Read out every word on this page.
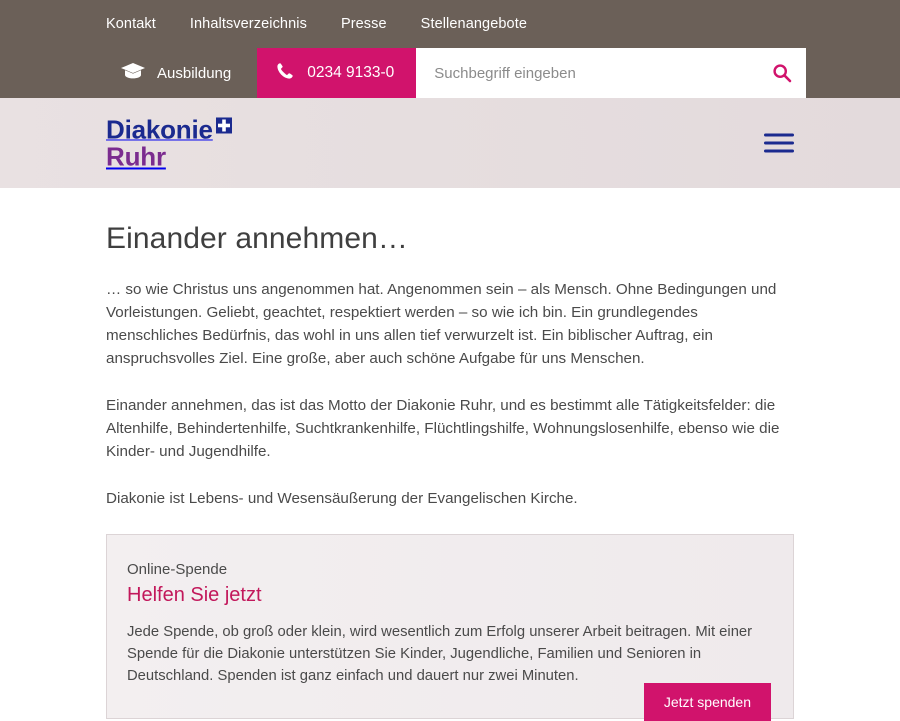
Kontakt Inhaltsverzeichnis Presse Stellenangebote
Ausbildung	0234 9133-0
Suchbegriff eingeben
Diakonie
Ruhr
Einander annehmen…

… so wie Christus uns angenommen hat. Angenommen sein – als Mensch. Ohne Bedingungen und Vorleistungen. Geliebt, geachtet, respektiert werden – so wie ich bin. Ein grundlegendes menschliches Bedürfnis, das wohl in uns allen tief verwurzelt ist. Ein biblischer Auftrag, ein anspruchsvolles Ziel. Eine große, aber auch schöne Aufgabe für uns Menschen.

Einander annehmen, das ist das Motto der Diakonie Ruhr, und es bestimmt alle Tätigkeitsfelder: die Altenhilfe, Behindertenhilfe, Suchtkrankenhilfe, Flüchtlingshilfe, Wohnungslosenhilfe, ebenso wie die Kinder- und Jugendhilfe.

Diakonie ist Lebens- und Wesensäußerung der Evangelischen Kirche.

Online-Spende
Helfen Sie jetzt

Jede Spende, ob groß oder klein, wird wesentlich zum Erfolg unserer Arbeit beitragen. Mit einer Spende für die Diakonie unterstützen Sie Kinder, Jugendliche, Familien und Senioren in Deutschland. Spenden ist ganz einfach und dauert nur zwei Minuten.

Jetzt spenden
